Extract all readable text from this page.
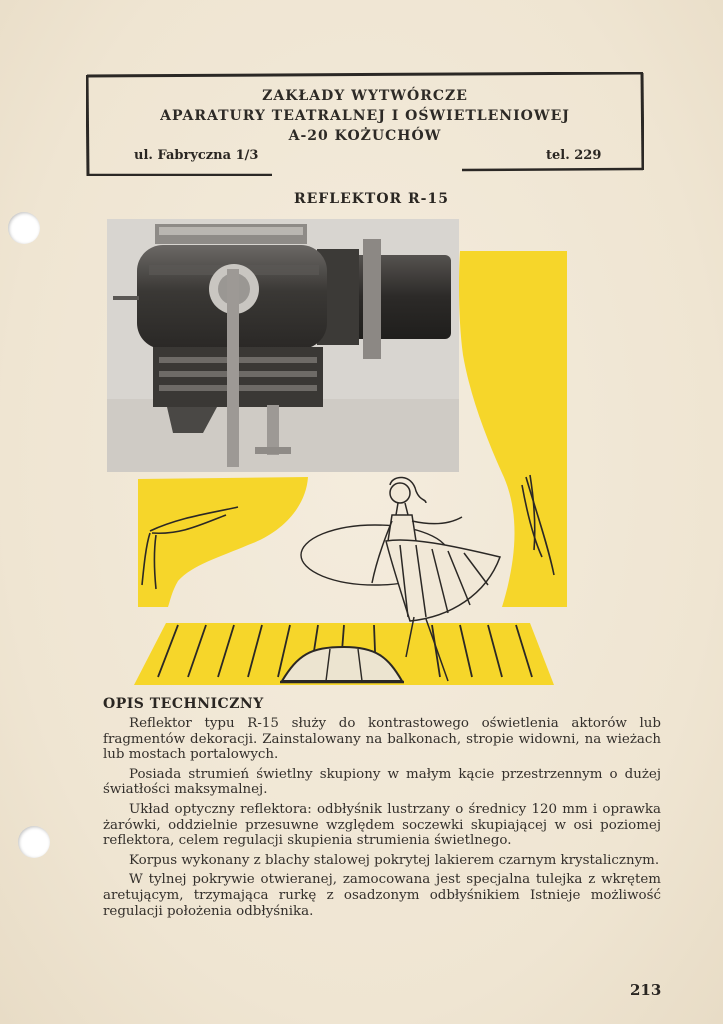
ZAKŁADY WYTWÓRCZE
APARATURY TEATRALNEJ I OŚWIETLENIOWEJ
A-20 KOŻUCHÓW
ul. Fabryczna 1/3	tel. 229
REFLEKTOR R-15
OPIS TECHNICZNY

Reflektor typu R-15 służy do kontrastowego oświetlenia aktorów lub fragmentów dekoracji. Zainstalowany na balkonach, stropie widowni, na wieżach lub mostach portalowych.

Posiada strumień świetlny skupiony w małym kącie przestrzennym o dużej światłości maksymalnej.

Układ optyczny reflektora: odbłyśnik lustrzany o średnicy 120 mm i oprawka żarówki, oddzielnie przesuwne względem soczewki skupiającej w osi poziomej reflektora, celem regulacji skupienia strumienia świetlnego.

Korpus wykonany z blachy stalowej pokrytej lakierem czarnym krystalicznym.

W tylnej pokrywie otwieranej, zamocowana jest specjalna tulejka z wkrętem aretującym, trzymająca rurkę z osadzonym odbłyśnikiem Istnieje możliwość regulacji położenia odbłyśnika.

213
